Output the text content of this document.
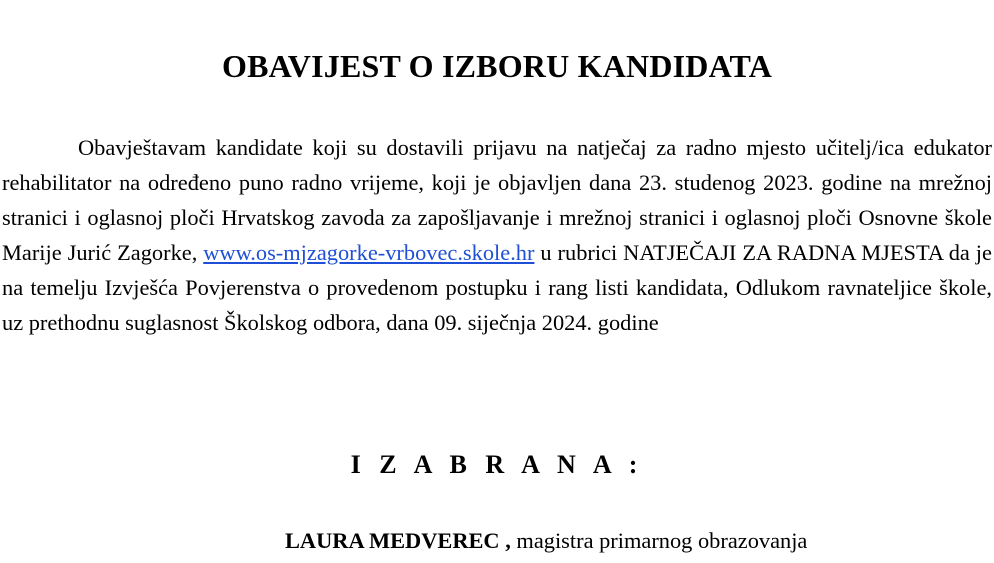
OBAVIJEST O IZBORU KANDIDATA

Obavještavam kandidate koji su dostavili prijavu na natječaj za radno mjesto učitelj/ica edukator rehabilitator na određeno puno radno vrijeme, koji je objavljen dana 23. studenog 2023. godine na mrežnoj stranici i oglasnoj ploči Hrvatskog zavoda za zapošljavanje i mrežnoj stranici i oglasnoj ploči Osnovne škole Marije Jurić Zagorke, www.os-mjzagorke-vrbovec.skole.hr u rubrici NATJEČAJI ZA RADNA MJESTA da je na temelju Izvješća Povjerenstva o provedenom postupku i rang listi kandidata, Odlukom ravnateljice škole, uz prethodnu suglasnost Školskog odbora, dana 09. siječnja 2024. godine

I Z A B R A N A :

LAURA MEDVEREC , magistra primarnog obrazovanja
